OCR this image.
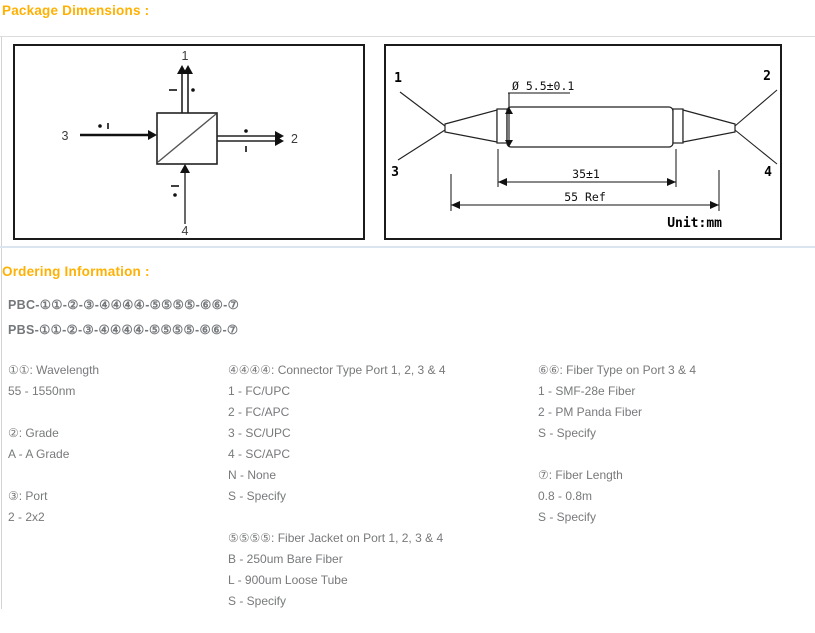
Package Dimensions :
1
2
3
4
1
3
2
4
Ø 5.5±0.1
35±1
55 Ref
Unit:mm
Ordering Information :
PBC-①①-②-③-④④④④-⑤⑤⑤⑤-⑥⑥-⑦
PBS-①①-②-③-④④④④-⑤⑤⑤⑤-⑥⑥-⑦
①①: Wavelength
55 - 1550nm
②: Grade
A - A Grade
③: Port
2 - 2x2
④④④④: Connector Type Port 1, 2, 3 & 4
1 - FC/UPC
2 - FC/APC
3 - SC/UPC
4 - SC/APC
N - None
S - Specify
⑤⑤⑤⑤: Fiber Jacket on Port 1, 2, 3 & 4
B - 250um Bare Fiber
L - 900um Loose Tube
S - Specify
⑥⑥: Fiber Type on Port 3 & 4
1 - SMF-28e Fiber
2 - PM Panda Fiber
S - Specify
⑦: Fiber Length
0.8 - 0.8m
S - Specify
